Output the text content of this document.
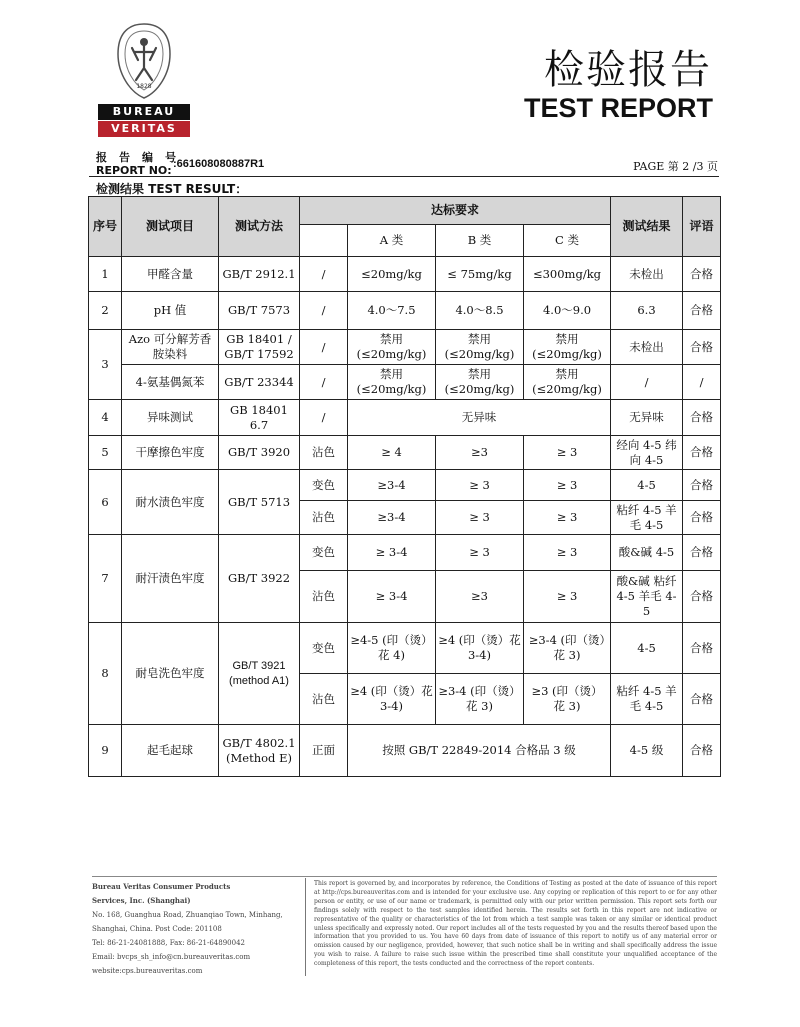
1828
BUREAU
VERITAS
检验报告
TEST REPORT
报告编号
REPORT NO: :661608080887R1	PAGE 第 2 /3 页
检测结果 TEST RESULT：
序号	测试项目	测试方法	达标要求				测试结果	评语
				A 类	B 类	C 类		
1	甲醛含量	GB/T 2912.1	/	≤20mg/kg	≤ 75mg/kg	≤300mg/kg	未检出	合格
2	pH 值	GB/T 7573	/	4.0～7.5	4.0～8.5	4.0～9.0	6.3	合格
3	Azo 可分解芳香胺染料	GB 18401 / GB/T 17592	/	禁用 (≤20mg/kg)	禁用 (≤20mg/kg)	禁用 (≤20mg/kg)	未检出	合格
	4-氨基偶氮苯	GB/T 23344	/	禁用 (≤20mg/kg)	禁用 (≤20mg/kg)	禁用 (≤20mg/kg)	/	/
4	异味测试	GB 18401 6.7	/	无异味			无异味	合格
5	干摩擦色牢度	GB/T 3920	沾色	≥ 4	≥3	≥ 3	经向 4-5 纬向 4-5	合格
6	耐水渍色牢度	GB/T 5713	变色	≥3-4	≥ 3	≥ 3	4-5	合格
			沾色	≥3-4	≥ 3	≥ 3	粘纤 4-5 羊毛 4-5	合格
7	耐汗渍色牢度	GB/T 3922	变色	≥ 3-4	≥ 3	≥ 3	酸&碱 4-5	合格
			沾色	≥ 3-4	≥3	≥ 3	酸&碱 粘纤 4-5 羊毛 4-5	合格
8	耐皂洗色牢度	GB/T 3921 (method A1)	变色	≥4-5 (印（烫）花 4)	≥4 (印（烫）花 3-4)	≥3-4 (印（烫）花 3)	4-5	合格
			沾色	≥4 (印（烫）花 3-4)	≥3-4 (印（烫）花 3)	≥3 (印（烫）花 3)	粘纤 4-5 羊毛 4-5	合格
9	起毛起球	GB/T 4802.1 (Method E)	正面	按照 GB/T 22849-2014 合格品 3 级			4-5 级	合格
Bureau Veritas Consumer Products
Services, Inc. (Shanghai)
No. 168, Guanghua Road, Zhuanqiao Town, Minhang,
Shanghai, China. Post Code: 201108
Tel: 86-21-24081888, Fax: 86-21-64890042
Email: bvcps_sh_info@cn.bureauveritas.com
website:cps.bureauveritas.com
This report is governed by, and incorporates by reference, the Conditions of Testing as posted at the date of issuance of this report at http://cps.bureauveritas.com and is intended for your exclusive use. Any copying or replication of this report to or for any other person or entity, or use of our name or trademark, is permitted only with our prior written permission. This report sets forth our findings solely with respect to the test samples identified herein. The results set forth in this report are not indicative or representative of the quality or characteristics of the lot from which a test sample was taken or any similar or identical product unless specifically and expressly noted. Our report includes all of the tests requested by you and the results thereof based upon the information that you provided to us. You have 60 days from date of issuance of this report to notify us of any material error or omission caused by our negligence, provided, however, that such notice shall be in writing and shall specifically address the issue you wish to raise. A failure to raise such issue within the prescribed time shall constitute your unqualified acceptance of the completeness of this report, the tests conducted and the correctness of the report contents.
